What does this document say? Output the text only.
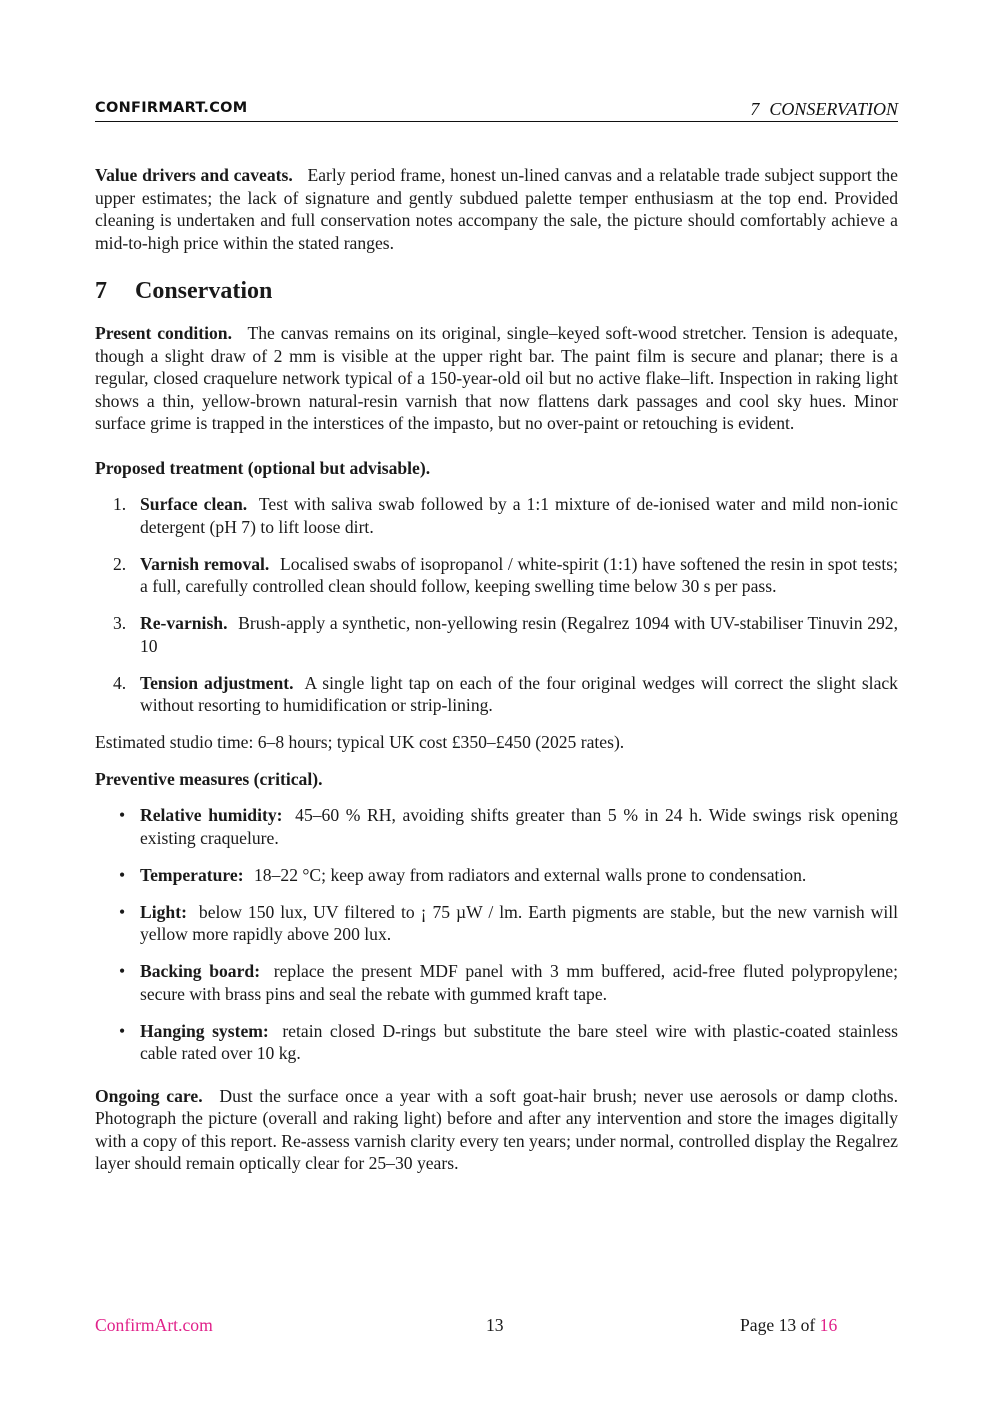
CONFIRMART.COM	7 CONSERVATION

Value drivers and caveats. Early period frame, honest un-lined canvas and a relatable trade subject support the upper estimates; the lack of signature and gently subdued palette temper enthusiasm at the top end. Provided cleaning is undertaken and full conservation notes accompany the sale, the picture should comfortably achieve a mid-to-high price within the stated ranges.

7 Conservation

Present condition. The canvas remains on its original, single–keyed soft-wood stretcher. Tension is adequate, though a slight draw of 2 mm is visible at the upper right bar. The paint film is secure and planar; there is a regular, closed craquelure network typical of a 150-year-old oil but no active flake–lift. Inspection in raking light shows a thin, yellow-brown natural-resin varnish that now flattens dark passages and cool sky hues. Minor surface grime is trapped in the interstices of the impasto, but no over-paint or retouching is evident.

Proposed treatment (optional but advisable).

1. Surface clean. Test with saliva swab followed by a 1:1 mixture of de-ionised water and mild non-ionic detergent (pH 7) to lift loose dirt.
2. Varnish removal. Localised swabs of isopropanol / white-spirit (1:1) have softened the resin in spot tests; a full, carefully controlled clean should follow, keeping swelling time below 30 s per pass.
3. Re-varnish. Brush-apply a synthetic, non-yellowing resin (Regalrez 1094 with UV-stabiliser Tinuvin 292, 10
4. Tension adjustment. A single light tap on each of the four original wedges will correct the slight slack without resorting to humidification or strip-lining.

Estimated studio time: 6–8 hours; typical UK cost £350–£450 (2025 rates).

Preventive measures (critical).

• Relative humidity: 45–60 % RH, avoiding shifts greater than 5 % in 24 h. Wide swings risk opening existing craquelure.
• Temperature: 18–22 °C; keep away from radiators and external walls prone to condensation.
• Light: below 150 lux, UV filtered to ¡ 75 µW / lm. Earth pigments are stable, but the new varnish will yellow more rapidly above 200 lux.
• Backing board: replace the present MDF panel with 3 mm buffered, acid-free fluted polypropylene; secure with brass pins and seal the rebate with gummed kraft tape.
• Hanging system: retain closed D-rings but substitute the bare steel wire with plastic-coated stainless cable rated over 10 kg.

Ongoing care. Dust the surface once a year with a soft goat-hair brush; never use aerosols or damp cloths. Photograph the picture (overall and raking light) before and after any intervention and store the images digitally with a copy of this report. Re-assess varnish clarity every ten years; under normal, controlled display the Regalrez layer should remain optically clear for 25–30 years.

ConfirmArt.com	13	Page 13 of 16
